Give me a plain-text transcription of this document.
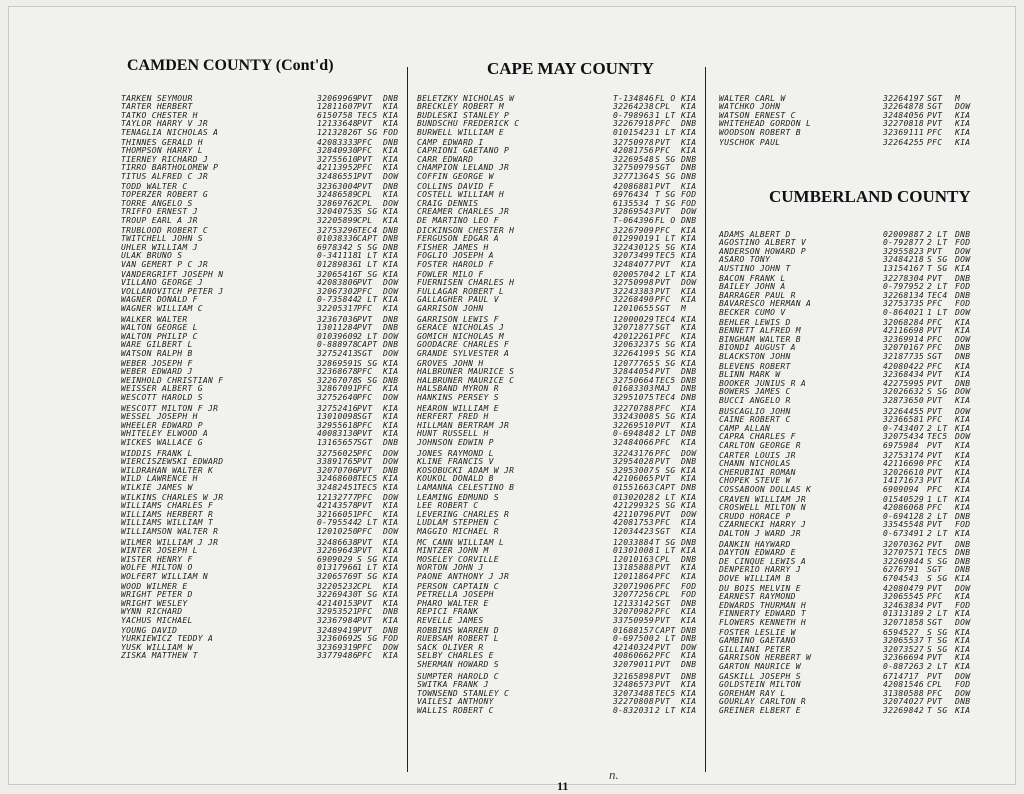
CAMDEN COUNTY (Cont'd)	CAPE MAY COUNTY
CUMBERLAND COUNTY
TARKEN SEYMOUR	32069969 PVT DNB
TARTER HERBERT	12811607 PVT KIA
TATKO CHESTER H	6150758 TEC5 KIA
TAYLOR HARRY V JR	12133648 PVT KIA
TENAGLIA NICHOLAS A	12132826 T SG FOD
THINNES GERALD H	42083333 PFC DNB
THOMPSON HARRY L	32840930 PFC KIA
TIERNEY RICHARD J	32755610 PVT KIA
TIRRO BARTHOLOMEW P	42113952 PFC KIA
TITUS ALFRED C JR	32486551 PVT DOW
TODD WALTER C	32363004 PVT DNB
TOPERZER ROBERT G	32486589 CPL KIA
TORRE ANGELO S	32869762 CPL DOW
TRIFFO ERNEST J	32040753 S SG KIA
TROUP EARL A JR	32205899 CPL KIA
TRUBLOOD ROBERT C	32753296 TEC4 DNB
TWITCHELL JOHN S	01038336 CAPT DNB
UHLER WILLIAM J	6978342 S SG DNB
ULAK BRUNO S	0-341118 1 LT KIA
VAN GEMERT P C JR	01289836 1 LT KIA
VANDERGRIFT JOSEPH N	32065416 T SG KIA
VILLANO GEORGE J	42083806 PVT DOW
VOLLANOVITCH PETER J	32067302 PFC DOW
WAGNER DONALD F	0-735844 2 LT KIA
WAGNER WILLIAM C	32205317 PFC KIA
WALKER WALTER	32367036 PVT DNB
WALTON GEORGE L	13011284 PVT DNB
WALTON PHILIP C	01039609 2 LT DOW
WARE GILBERT L	0-888978 CAPT DNB
WATSON RALPH B	32752413 SGT DOW
WEBER JOSEPH F	32869591 S SG KIA
WEBER EDWARD J	32368678 PFC KIA
WEINHOLD CHRISTIAN F	32267078 S SG DNB
WEISSER ALBERT G	32867091 PFC KIA
WESCOTT HAROLD S	32752640 PFC DOW
WESCOTT MILTON F JR	32752416 PVT KIA
WESSEL JOSEPH H	13010098 SGT KIA
WHEELER EDWARD P	32955618 PFC KIA
WHITELEY ELWOOD A	40083130 PVT KIA
WICKES WALLACE G	13165657 SGT DNB
WIDDIS FRANK L	32756025 PFC DOW
WIERCISZEWSKI EDWARD	33891765 PVT DOW
WILDRAHAN WALTER K	32070706 PVT DNB
WILD LAWRENCE H	32468608 TEC5 KIA
WILKIE JAMES W	32482451 TEC5 KIA
WILKINS CHARLES W JR	12132777 PFC DOW
WILLIAMS CHARLES F	42143578 PVT KIA
WILLIAMS HERBERT R	32166051 PFC KIA
WILLIAMS WILLIAM T	0-795544 2 LT KIA
WILLIAMSON WALTER R	12010250 PFC DOW
WILMER WILLIAM J JR	32486638 PVT KIA
WINTER JOSEPH L	32269643 PVT KIA
WISTER HENRY F	6909029 S SG KIA
WOLFE MILTON O	01317966 1 LT KIA
WOLFERT WILLIAM N	32065769 T SG KIA
WOOD WILMER E	32205232 CPL KIA
WRIGHT PETER D	32269430 T SG KIA
WRIGHT WESLEY	42140153 PVT KIA
WYNN RICHARD	32953521 PFC DNB
YACHUS MICHAEL	32367984 PVT KIA
YOUNG DAVID	32489419 PVT DNB
YURKIEWICZ TEDDY A	32360692 S SG FOD
YUSK WILLIAM W	32369319 PFC DOW
ZISKA MATTHEW T	33779486 PFC KIA
BELETZKY NICHOLAS W	T-134846 FL O KIA
BRECKLEY ROBERT M	32264238 CPL KIA
BUDLESKI STANLEY P	0-798963 1 LT KIA
BUNDSCHU FREDERICK C	32267918 PFC DNB
BURWELL WILLIAM E	01015423 1 LT KIA
CAMP EDWARD I	32750978 PVT KIA
CAPRIONI GAETANO P	42081756 PFC KIA
CARR EDWARD	32269548 S SG DNB
CHAMPION LELAND JR	32750979 SGT DNB
COFFIN GEORGE W	32771364 S SG DNB
COLLINS DAVID F	42086881 PVT KIA
COSTELL WILLIAM H	6976434 T SG FOD
CRAIG DENNIS	6135534 T SG FOD
CREAMER CHARLES JR	32869543 PVT DOW
DE MARTINO LEO F	T-064396 FL O DNB
DICKINSON CHESTER H	32267909 PFC KIA
FERGUSON EDGAR A	01299019 1 LT KIA
FISHER JAMES H	32243012 S SG KIA
FOGLIO JOSEPH A	32073499 TEC5 KIA
FOSTER HAROLD F	32484077 PVT KIA
FOWLER MILO F	02005704 2 LT KIA
FUERNISEN CHARLES H	32750998 PVT DOW
FULLAGAR ROBERT L	32243383 PVT KIA
GALLAGHER PAUL V	32268490 PFC KIA
GARRISON JOHN	12010655 SGT M
GARRISON LEWIS F	12000029 TEC4 KIA
GERACE NICHOLAS J	32071877 SGT KIA
GOMICH NICHOLAS M	42012261 PFC KIA
GOODACRE CHARLES F	32063237 S SG KIA
GRANDE SYLVESTER A	32264199 S SG KIA
GROVES JOHN H	12077765 S SG KIA
HALBRUNER MAURICE S	32844054 PVT DNB
HALBRUNER MAURICE C	32750664 TEC5 DNB
HALSBAND MYRON R	01683303 MAJ DNB
HANKINS PERSEY S	32951075 TEC4 DNB
HEARON WILLIAM E	32270788 PFC KIA
HERFERT FRED H	33243008 S SG KIA
HILLMAN BERTRAM JR	32269510 PVT KIA
HUNT RUSSELL H	0-694848 2 LT DNB
JOHNSON EDWIN P	32484066 PFC KIA
JONES RAYMOND L	32243176 PFC DOW
KLINE FRANCIS V	32954028 PVT DNB
KOSOBUCKI ADAM W JR	32953007 S SG KIA
KOUKOL DONALD B	42106065 PVT KIA
LAMANNA CELESTINO B	01551663 CAPT DNB
LEAMING EDMUND S	01302028 2 LT KIA
LEE ROBERT C	42129932 S SG KIA
LEVERING CHARLES R	42110796 PVT DOW
LUDLAM STEPHEN C	42081753 PFC KIA
MAGGIO MICHAEL R	12034423 SGT KIA
MC CANN WILLIAM L	12033884 T SG DNB
MINTZER JOHN M	01301008 1 LT KIA
MOSELEY CORVILLE	12010163 CPL DNB
NORTON JOHN J	13185888 PVT KIA
PAONE ANTHONY J JR	12011864 PFC KIA
PERSON CAPTAIN C	32071906 PFC FOD
PETRELLA JOSEPH	32077256 CPL FOD
PHARO WALTER E	12133142 SGT DNB
REPICI FRANK	32070982 PFC KIA
REVELLE JAMES	33750959 PVT KIA
ROBBINS WARREN D	01688157 CAPT DNB
RUEBSAM ROBERT L	0-697500 2 LT DNB
SACK OLIVER R	42140324 PVT DOW
SELBY CHARLES E	40860662 PFC KIA
SHERMAN HOWARD S	32079011 PVT DNB
SUMPTER HAROLD C	32165898 PVT DNB
SWITKA FRANK J	32486573 PVT KIA
TOWNSEND STANLEY C	32073488 TEC5 KIA
VAILESI ANTHONY	32270808 PVT KIA
WALLIS ROBERT C	0-832031 2 LT KIA
WALTER CARL W	32264197 SGT M
WATCHKO JOHN	32264878 SGT DOW
WATSON ERNEST C	32484056 PVT KIA
WHITEHEAD GORDON L	32270818 PVT KIA
WOODSON ROBERT B	32369111 PFC KIA
YUSCHOK PAUL	32264255 PFC KIA
ADAMS ALBERT D	02009887 2 LT DNB
AGOSTINO ALBERT V	0-792877 2 LT FOD
ANDERSON HOWARD P	32955823 PVT DOW
ASARO TONY	32484218 S SG DOW
AUSTINO JOHN T	13154167 T SG KIA
BACON FRANK L	32278304 PVT DNB
BAILEY JOHN A	0-797952 2 LT FOD
BARRAGER PAUL R	32268134 TEC4 DNB
BAVARESCO HERMAN A	32753735 PFC FOD
BECKER CUMO V	0-864021 1 LT DOW
BEHLER LEWIS D	32068284 PFC KIA
BENNETT ALFRED M	42116698 PVT KIA
BINGHAM WALTER B	32369914 PFC DOW
BIONDI AUGUST A	32070167 PFC DNB
BLACKSTON JOHN	32187735 SGT DNB
BLEVENS ROBERT	42080422 PFC KIA
BLINN MARK W	32368434 PVT KIA
BOOKER JUNIUS R A	42275995 PVT DNB
BOWERS JAMES C	32026632 S SG DOW
BUCCI ANGELO R	32873650 PVT KIA
BUSCAGLIO JOHN	32264455 PVT DOW
CAINE ROBERT C	32366581 PFC KIA
CAMP ALLAN	0-743407 2 LT KIA
CAPRA CHARLES F	32075434 TEC5 DOW
CARLTON GEORGE R	6975984 PVT KIA
CARTER LOUIS JR	32753174 PVT KIA
CHANN NICHOLAS	42116690 PFC KIA
CHERUBINI ROMAN	32026610 PVT KIA
CHOPEK STEVE W	14171673 PVT KIA
COSSABOON DOLLAS K	6909094 PFC KIA
CRAVEN WILLIAM JR	01540529 1 LT KIA
CROSWELL MILTON N	42086068 PFC KIA
CRUDO HORACE P	0-694128 2 LT DNB
CZARNECKI HARRY J	33545548 PVT FOD
DALTON J WARD JR	0-673491 2 LT KIA
DANKIN HAYWARD	32070362 PVT DNB
DAYTON EDWARD E	32707571 TEC5 DNB
DE CINQUE LEWIS A	32269844 S SG DNB
DENPERIO HARRY J	6276791 SGT DNB
DOVE WILLIAM B	6704543 S SG KIA
DU BOIS MELVIN E	42080479 PVT DOW
EARNEST RAYMOND	32065545 PFC KIA
EDWARDS THURMAN H	32463834 PVT FOD
FINNERTY EDWARD T	01313189 2 LT KIA
FLOWERS KENNETH H	32071858 SGT DOW
FOSTER LESLIE W	6594527 S SG KIA
GAMBINO GAETANO	32065537 T SG KIA
GILLIANI PETER	32073527 S SG KIA
GARRISON HERBERT W	32366694 PVT KIA
GARTON MAURICE W	0-887263 2 LT KIA
GASKILL JOSEPH S	6714717 PVT DOW
GOLDSTEIN MILTON	42081546 CPL FOD
GOREHAM RAY L	31380588 PFC DOW
GOURLAY CARLTON R	32074027 PVT DNB
GREINER ELBERT E	32269842 T SG KIA
n.
11
